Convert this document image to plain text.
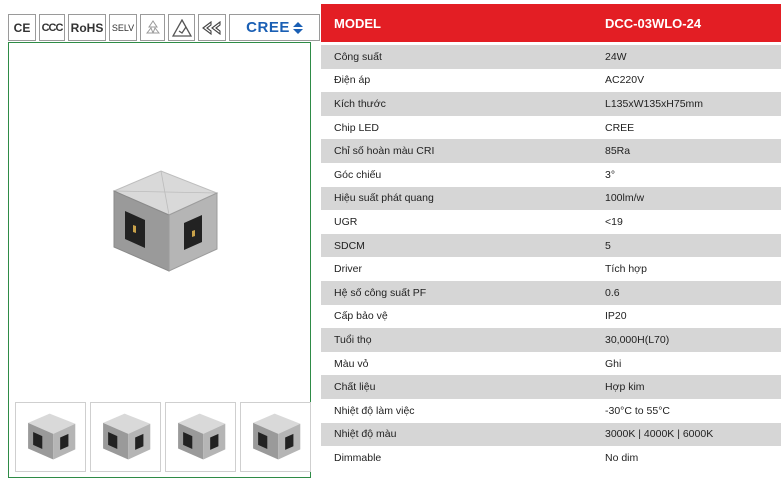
CE CCC RoHS SELV	CREE	MODEL	DCC-03WLO-24
Công suất	24W
Điện áp	AC220V
Kích thước	L135xW135xH75mm
Chip LED	CREE
Chỉ số hoàn màu CRI	85Ra
Góc chiếu	3°
Hiệu suất phát quang	100lm/w
UGR	<19
SDCM	5
Driver	Tích hợp
Hệ số công suất PF	0.6
Cấp bảo vệ	IP20
Tuổi thọ	30,000H(L70)
Màu vỏ	Ghi
Chất liệu	Hợp kim
Nhiệt độ làm việc	-30°C to 55°C
Nhiệt độ màu	3000K | 4000K | 6000K
Dimmable	No dim
